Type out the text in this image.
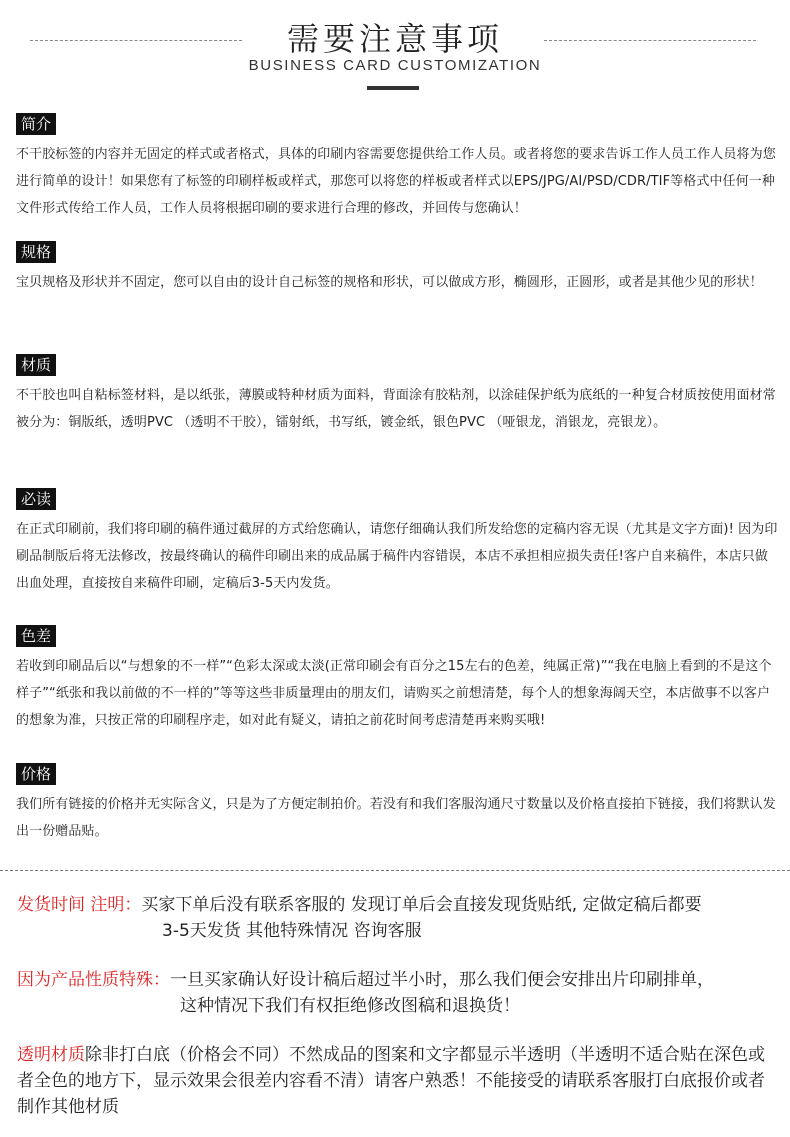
需要注意事项
BUSINESS CARD CUSTOMIZATION
简介
不干胶标签的内容并无固定的样式或者格式，具体的印刷内容需要您提供给工作人员。或者将您的要求告诉工作人员工作人员将为您进行简单的设计！如果您有了标签的印刷样板或样式，那您可以将您的样板或者样式以EPS/JPG/AI/PSD/CDR/TIF等格式中任何一种文件形式传给工作人员，工作人员将根据印刷的要求进行合理的修改，并回传与您确认！
规格
宝贝规格及形状并不固定，您可以自由的设计自己标签的规格和形状，可以做成方形，椭圆形，正圆形，或者是其他少见的形状！
材质
不干胶也叫自粘标签材料，是以纸张，薄膜或特种材质为面料，背面涂有胶粘剂，以涂硅保护纸为底纸的一种复合材质按使用面材常被分为：铜版纸，透明PVC （透明不干胶），镭射纸，书写纸，镀金纸，银色PVC （哑银龙，消银龙，亮银龙）。
必读
在正式印刷前，我们将印刷的稿件通过截屏的方式给您确认，请您仔细确认我们所发给您的定稿内容无误（尤其是文字方面)! 因为印刷品制版后将无法修改，按最终确认的稿件印刷出来的成品属于稿件内容错误，本店不承担相应损失责任!客户自来稿件，本店只做出血处理，直接按自来稿件印刷，定稿后3-5天内发货。
色差
若收到印刷品后以“与想象的不一样”“色彩太深或太淡(正常印刷会有百分之15左右的色差，纯属正常)”“我在电脑上看到的不是这个样子”“纸张和我以前做的不一样的”等等这些非质量理由的朋友们，请购买之前想清楚，每个人的想象海阔天空，本店做事不以客户的想象为准，只按正常的印刷程序走，如对此有疑义，请拍之前花时间考虑清楚再来购买哦!
价格
我们所有链接的价格并无实际含义，只是为了方便定制拍价。若没有和我们客服沟通尺寸数量以及价格直接拍下链接，我们将默认发出一份赠品贴。
发货时间 注明：买家下单后没有联系客服的 发现订单后会直接发现货贴纸, 定做定稿后都要
3-5天发货 其他特殊情况 咨询客服
因为产品性质特殊：一旦买家确认好设计稿后超过半小时，那么我们便会安排出片印刷排单，
这种情况下我们有权拒绝修改图稿和退换货！
透明材质除非打白底（价格会不同）不然成品的图案和文字都显示半透明（半透明不适合贴在深色或者全色的地方下，显示效果会很差内容看不清）请客户熟悉！不能接受的请联系客服打白底报价或者制作其他材质
